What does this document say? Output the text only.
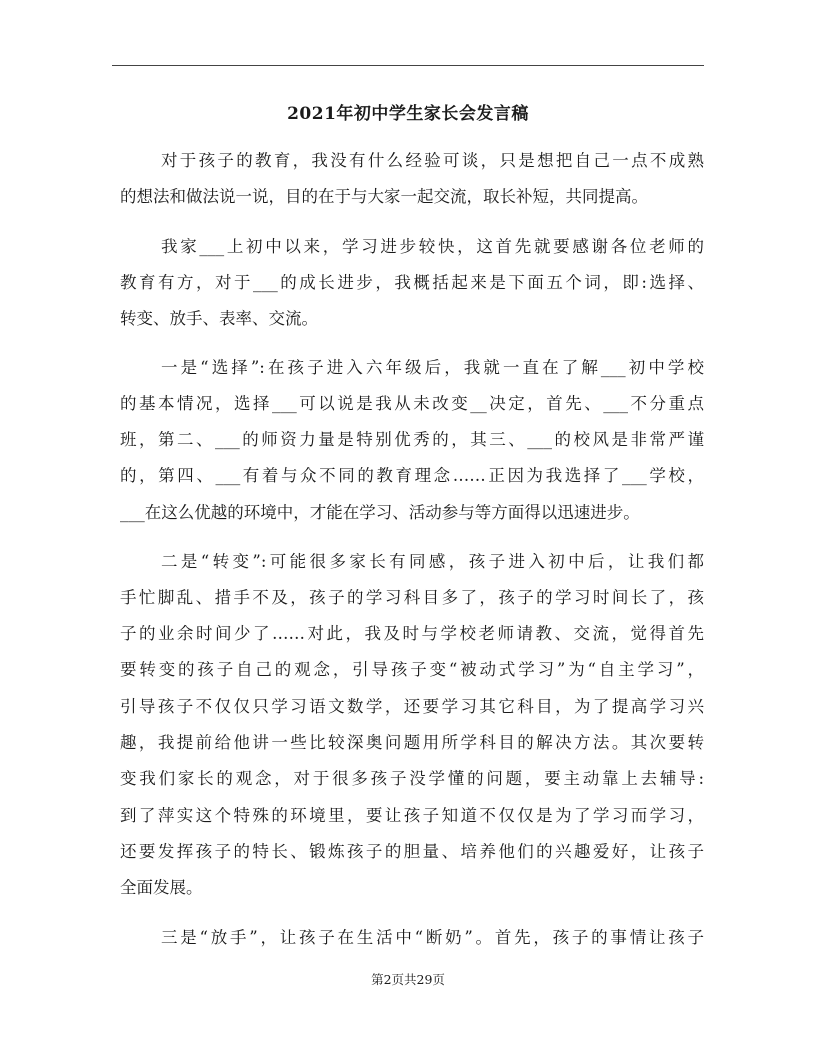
2021年初中学生家长会发言稿
对于孩子的教育，我没有什么经验可谈，只是想把自己一点不成熟
的想法和做法说一说，目的在于与大家一起交流，取长补短，共同提高。
我家___上初中以来，学习进步较快，这首先就要感谢各位老师的
教育有方，对于___的成长进步，我概括起来是下面五个词，即:选择、
转变、放手、表率、交流。
一是“选择”:在孩子进入六年级后，我就一直在了解___初中学校
的基本情况，选择___可以说是我从未改变__决定，首先、___不分重点
班，第二、___的师资力量是特别优秀的，其三、___的校风是非常严谨
的，第四、___有着与众不同的教育理念……正因为我选择了___学校，
___在这么优越的环境中，才能在学习、活动参与等方面得以迅速进步。
二是“转变”:可能很多家长有同感，孩子进入初中后，让我们都
手忙脚乱、措手不及，孩子的学习科目多了，孩子的学习时间长了，孩
子的业余时间少了……对此，我及时与学校老师请教、交流，觉得首先
要转变的孩子自己的观念，引导孩子变“被动式学习”为“自主学习”，
引导孩子不仅仅只学习语文数学，还要学习其它科目，为了提高学习兴
趣，我提前给他讲一些比较深奥问题用所学科目的解决方法。其次要转
变我们家长的观念，对于很多孩子没学懂的问题，要主动靠上去辅导:
到了萍实这个特殊的环境里，要让孩子知道不仅仅是为了学习而学习，
还要发挥孩子的特长、锻炼孩子的胆量、培养他们的兴趣爱好，让孩子
全面发展。
三是“放手”，让孩子在生活中“断奶”。首先，孩子的事情让孩子
第2页共29页
